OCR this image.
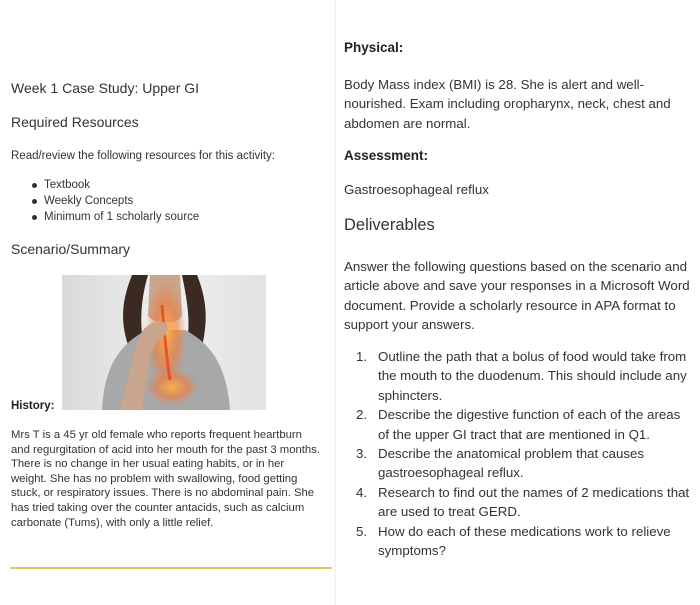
Week 1 Case Study: Upper GI
Required Resources
Read/review the following resources for this activity:
Textbook
Weekly Concepts
Minimum of 1 scholarly source
Scenario/Summary
History:

Mrs T is a 45 yr old female who reports frequent heartburn and regurgitation of acid into her mouth for the past 3 months. There is no change in her usual eating habits, or in her weight. She has no problem with swallowing, food getting stuck, or respiratory issues. There is no abdominal pain. She has tried taking over the counter antacids, such as calcium carbonate (Tums), with only a little relief.

Physical:

Body Mass index (BMI) is 28. She is alert and well-nourished. Exam including oropharynx, neck, chest and abdomen are normal.

Assessment:
Gastroesophageal reflux
Deliverables

Answer the following questions based on the scenario and article above and save your responses in a Microsoft Word document. Provide a scholarly resource in APA format to support your answers.

1. Outline the path that a bolus of food would take from the mouth to the duodenum. This should include any sphincters.
2. Describe the digestive function of each of the areas of the upper GI tract that are mentioned in Q1.
3. Describe the anatomical problem that causes gastroesophageal reflux.
4. Research to find out the names of 2 medications that are used to treat GERD.
5. How do each of these medications work to relieve symptoms?
